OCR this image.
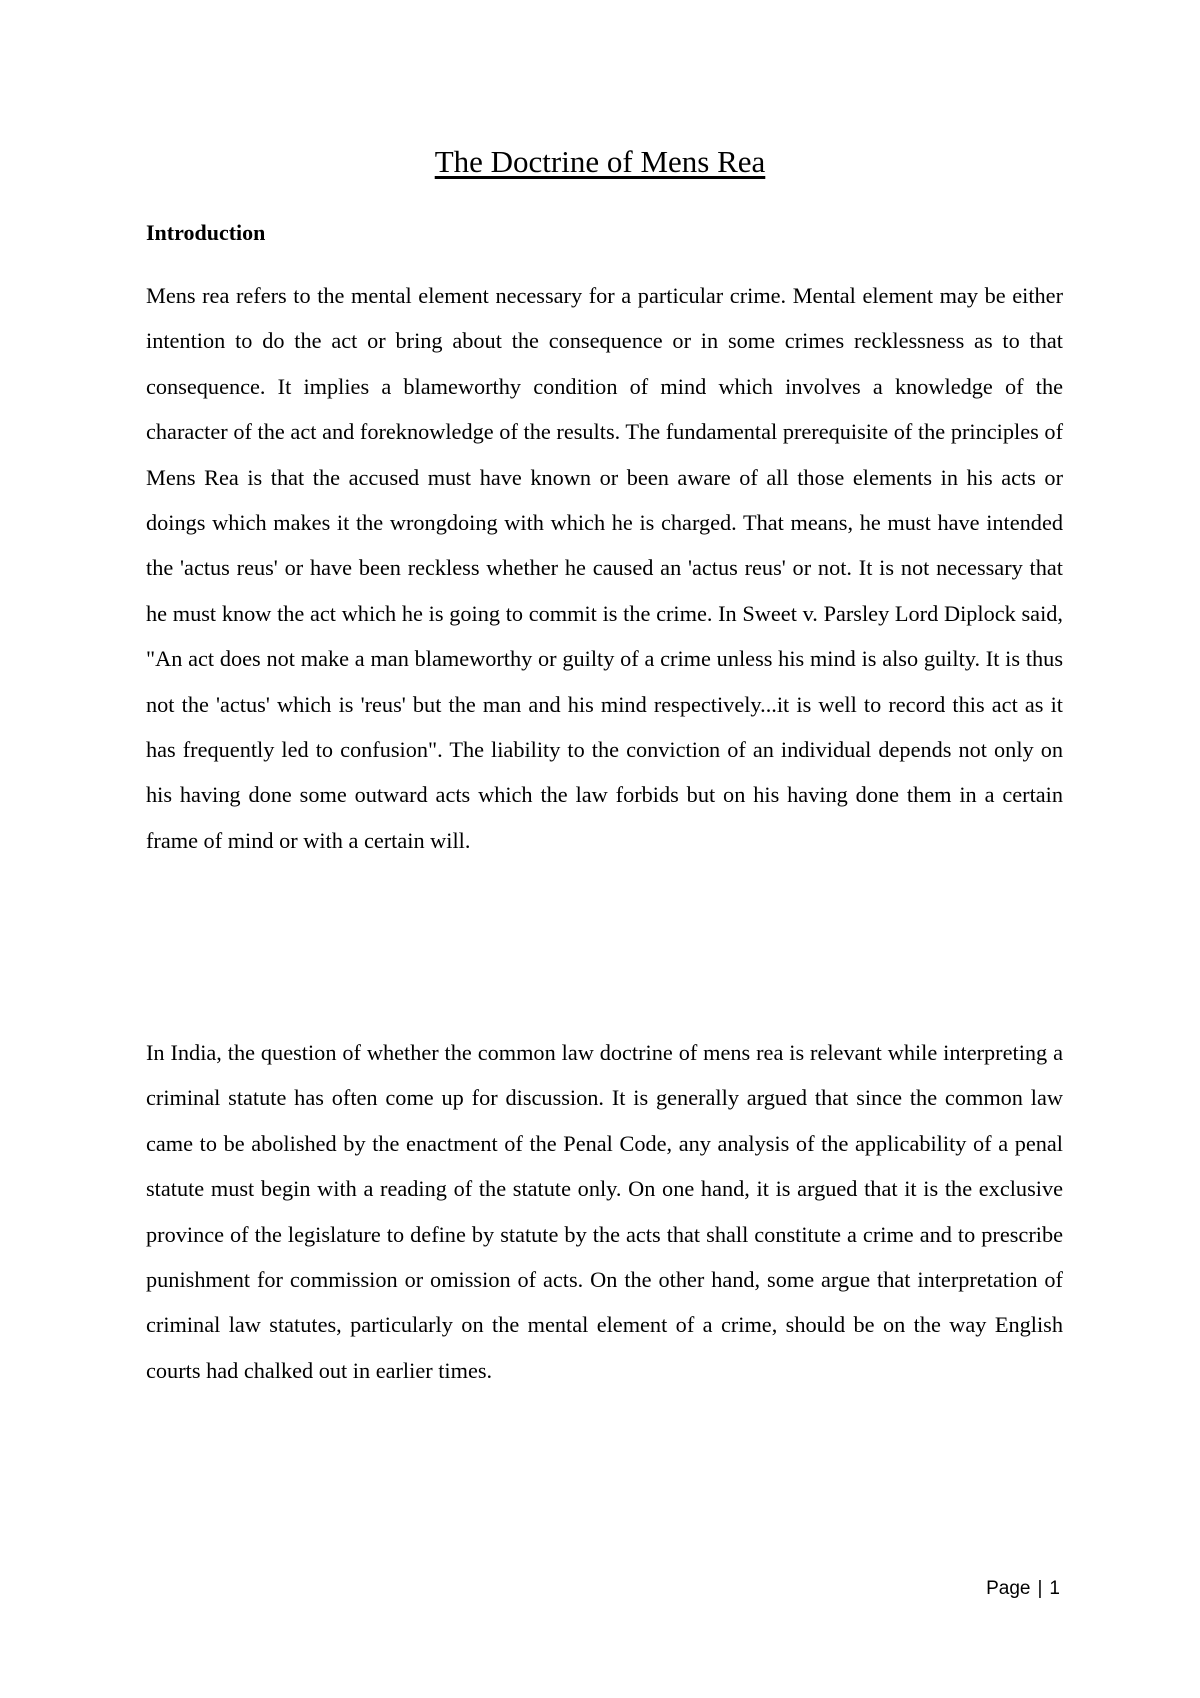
The Doctrine of Mens Rea
Introduction

Mens rea refers to the mental element necessary for a particular crime. Mental element may be either intention to do the act or bring about the consequence or in some crimes recklessness as to that consequence. It implies a blameworthy condition of mind which involves a knowledge of the character of the act and foreknowledge of the results. The fundamental prerequisite of the principles of Mens Rea is that the accused must have known or been aware of all those elements in his acts or doings which makes it the wrongdoing with which he is charged. That means, he must have intended the 'actus reus' or have been reckless whether he caused an 'actus reus' or not. It is not necessary that he must know the act which he is going to commit is the crime. In Sweet v. Parsley Lord Diplock said, "An act does not make a man blameworthy or guilty of a crime unless his mind is also guilty. It is thus not the 'actus' which is 'reus' but the man and his mind respectively...it is well to record this act as it has frequently led to confusion". The liability to the conviction of an individual depends not only on his having done some outward acts which the law forbids but on his having done them in a certain frame of mind or with a certain will.

In India, the question of whether the common law doctrine of mens rea is relevant while interpreting a criminal statute has often come up for discussion. It is generally argued that since the common law came to be abolished by the enactment of the Penal Code, any analysis of the applicability of a penal statute must begin with a reading of the statute only. On one hand, it is argued that it is the exclusive province of the legislature to define by statute by the acts that shall constitute a crime and to prescribe punishment for commission or omission of acts. On the other hand, some argue that interpretation of criminal law statutes, particularly on the mental element of a crime, should be on the way English courts had chalked out in earlier times.

Page | 1
